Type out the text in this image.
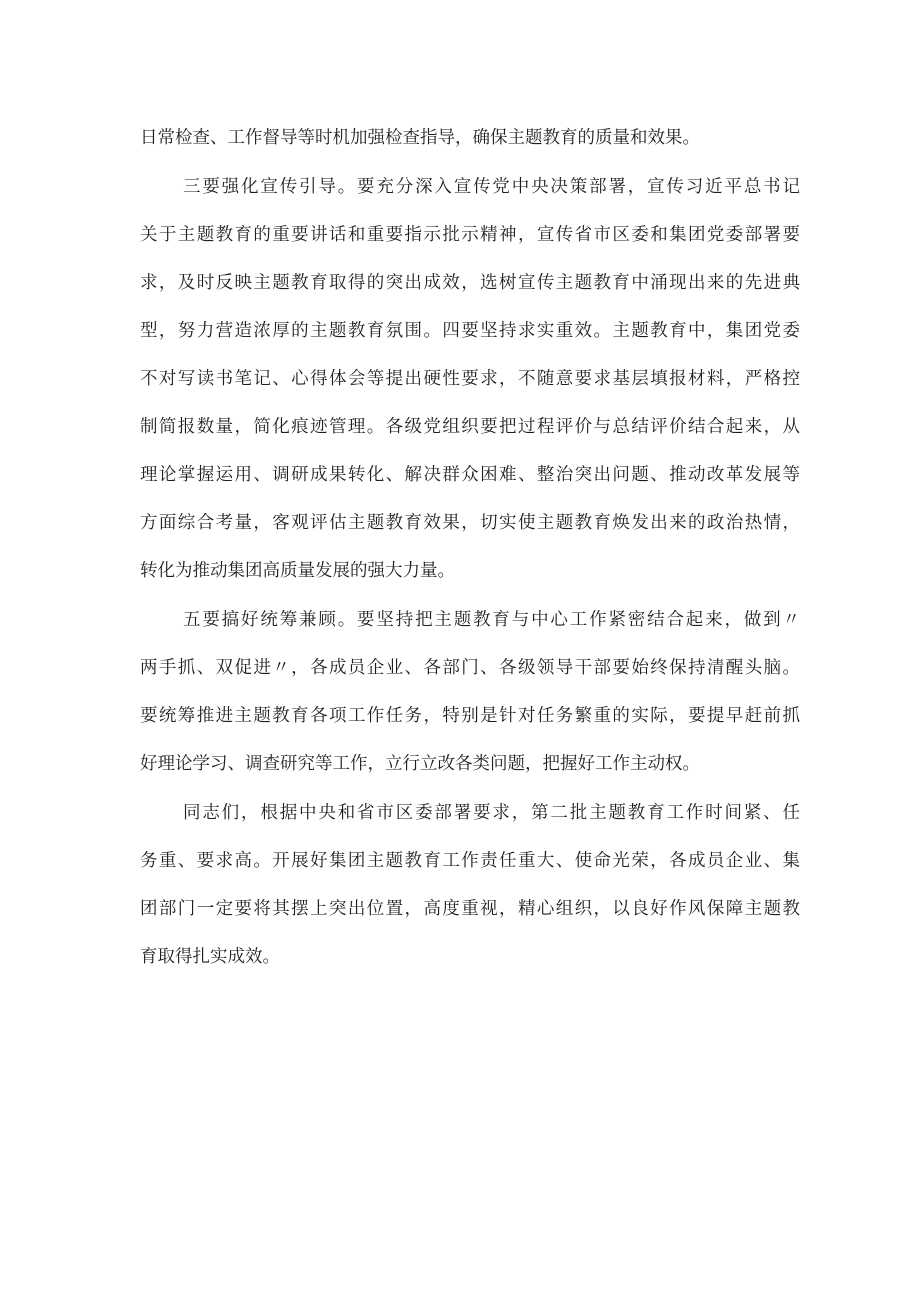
日常检查、工作督导等时机加强检查指导，确保主题教育的质量和效果。
三要强化宣传引导。要充分深入宣传党中央决策部署，宣传习近平总书记
关于主题教育的重要讲话和重要指示批示精神，宣传省市区委和集团党委部署要
求，及时反映主题教育取得的突出成效，选树宣传主题教育中涌现出来的先进典
型，努力营造浓厚的主题教育氛围。四要坚持求实重效。主题教育中，集团党委
不对写读书笔记、心得体会等提出硬性要求，不随意要求基层填报材料，严格控
制简报数量，简化痕迹管理。各级党组织要把过程评价与总结评价结合起来，从
理论掌握运用、调研成果转化、解决群众困难、整治突出问题、推动改革发展等
方面综合考量，客观评估主题教育效果，切实使主题教育焕发出来的政治热情，
转化为推动集团高质量发展的强大力量。
五要搞好统筹兼顾。要坚持把主题教育与中心工作紧密结合起来，做到〃
两手抓、双促进〃，各成员企业、各部门、各级领导干部要始终保持清醒头脑。
要统筹推进主题教育各项工作任务，特别是针对任务繁重的实际，要提早赶前抓
好理论学习、调查研究等工作，立行立改各类问题，把握好工作主动权。
同志们，根据中央和省市区委部署要求，第二批主题教育工作时间紧、任
务重、要求高。开展好集团主题教育工作责任重大、使命光荣，各成员企业、集
团部门一定要将其摆上突出位置，高度重视，精心组织，以良好作风保障主题教
育取得扎实成效。
